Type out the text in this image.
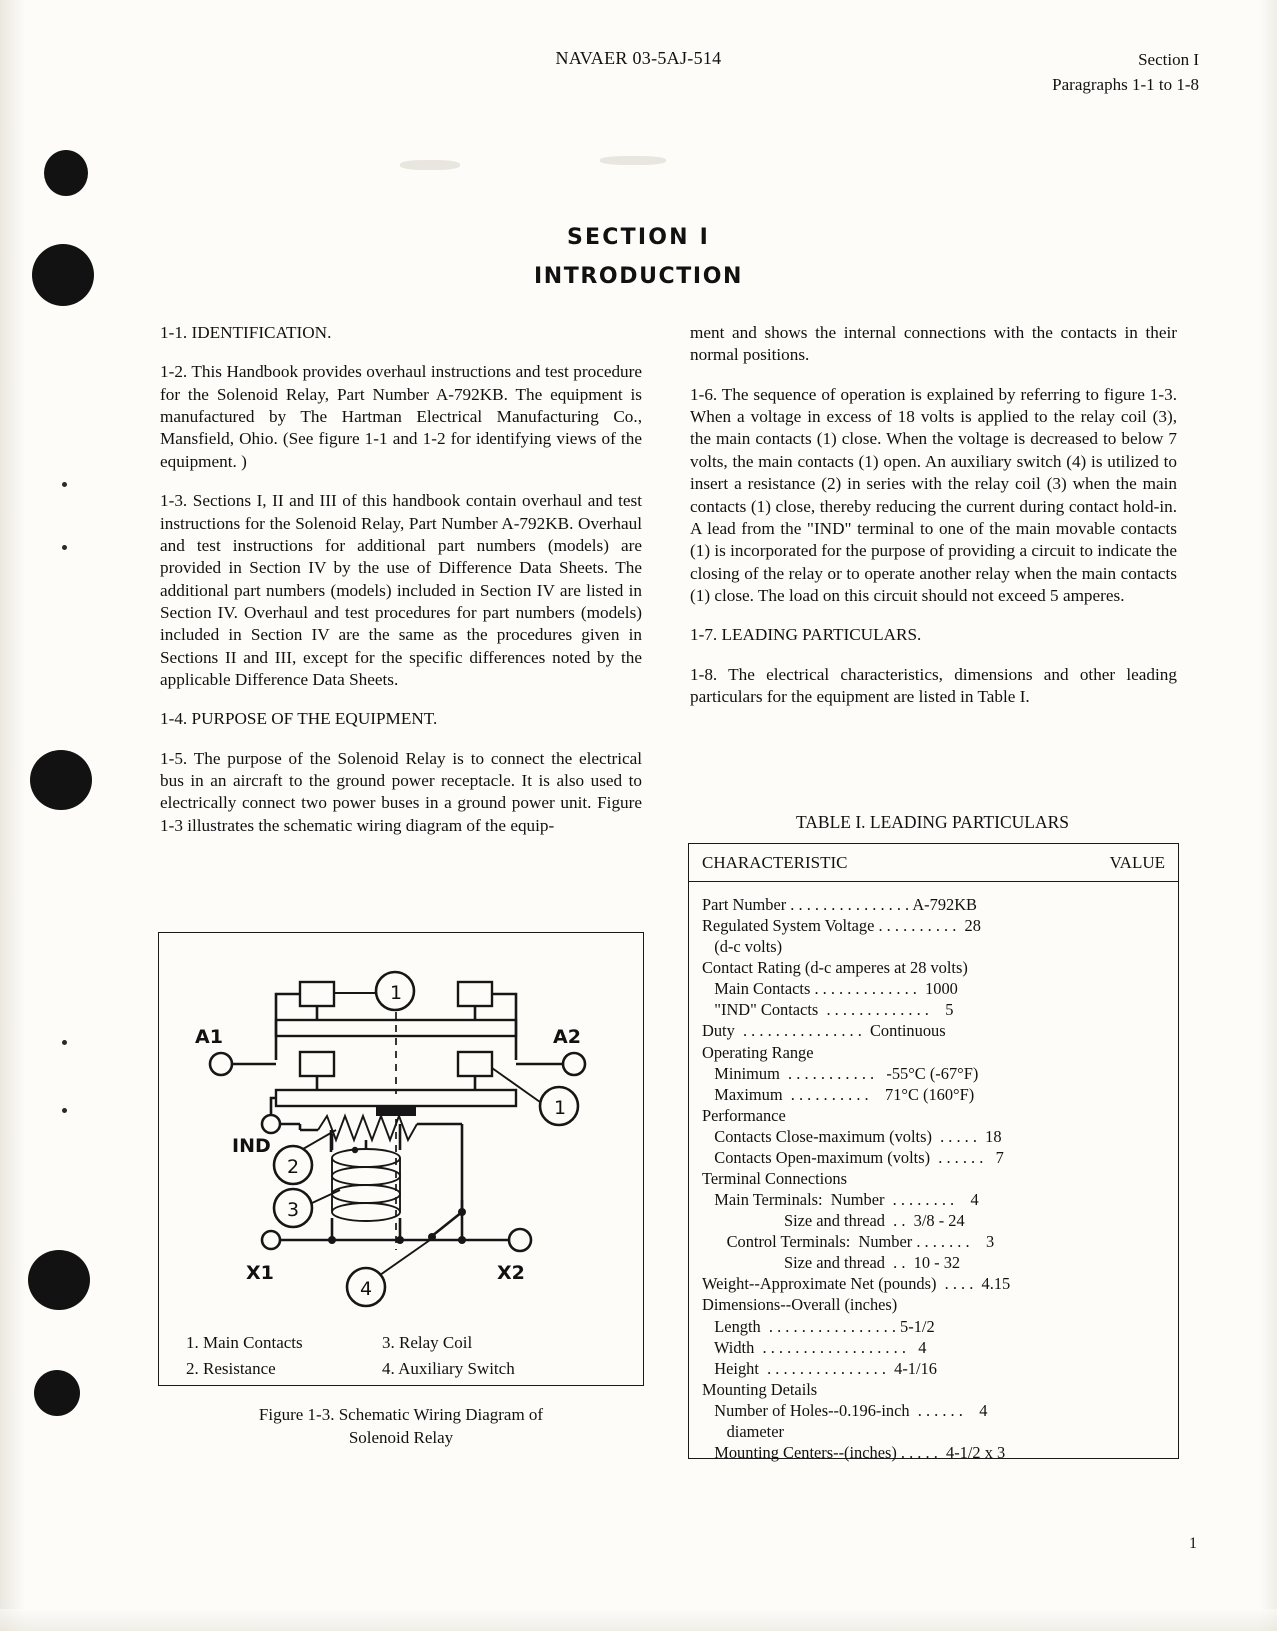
NAVAER 03-5AJ-514	Section I
Paragraphs 1-1 to 1-8
SECTION I
INTRODUCTION
1-1. IDENTIFICATION.
1-2. This Handbook provides overhaul instructions and test procedure for the Solenoid Relay, Part Number A-792KB. The equipment is manufactured by The Hartman Electrical Manufacturing Co., Mansfield, Ohio. (See figure 1-1 and 1-2 for identifying views of the equipment. )
1-3. Sections I, II and III of this handbook contain overhaul and test instructions for the Solenoid Relay, Part Number A-792KB. Overhaul and test instructions for additional part numbers (models) are provided in Section IV by the use of Difference Data Sheets. The additional part numbers (models) included in Section IV are listed in Section IV. Overhaul and test procedures for part numbers (models) included in Section IV are the same as the procedures given in Sections II and III, except for the specific differences noted by the applicable Difference Data Sheets.
1-4. PURPOSE OF THE EQUIPMENT.
1-5. The purpose of the Solenoid Relay is to connect the electrical bus in an aircraft to the ground power receptacle. It is also used to electrically connect two power buses in a ground power unit. Figure 1-3 illustrates the schematic wiring diagram of the equip-
ment and shows the internal connections with the contacts in their normal positions.
1-6. The sequence of operation is explained by referring to figure 1-3. When a voltage in excess of 18 volts is applied to the relay coil (3), the main contacts (1) close. When the voltage is decreased to below 7 volts, the main contacts (1) open. An auxiliary switch (4) is utilized to insert a resistance (2) in series with the relay coil (3) when the main contacts (1) close, thereby reducing the current during contact hold-in. A lead from the "IND" terminal to one of the main movable contacts (1) is incorporated for the purpose of providing a circuit to indicate the closing of the relay or to operate another relay when the main contacts (1) close. The load on this circuit should not exceed 5 amperes.
1-7. LEADING PARTICULARS.
1-8. The electrical characteristics, dimensions and other leading particulars for the equipment are listed in Table I.
TABLE I. LEADING PARTICULARS
CHARACTERISTIC	VALUE
Part Number . . . . . . . . . . . . . . . A-792KB
Regulated System Voltage . . . . . . . . . .  28
(d-c volts)
Contact Rating (d-c amperes at 28 volts)
Main Contacts . . . . . . . . . . . . .  1000
"IND" Contacts  . . . . . . . . . . . . .    5
Duty  . . . . . . . . . . . . . . .  Continuous
Operating Range
Minimum  . . . . . . . . . . .   -55°C (-67°F)
Maximum  . . . . . . . . . .    71°C (160°F)
Performance
Contacts Close-maximum (volts)  . . . . .  18
Contacts Open-maximum (volts)  . . . . . .   7
Terminal Connections
Main Terminals:  Number  . . . . . . . .    4
Size and thread  . .  3/8 - 24
Control Terminals:  Number . . . . . . .    3
Size and thread  . .  10 - 32
Weight--Approximate Net (pounds)  . . . .  4.15
Dimensions--Overall (inches)
Length  . . . . . . . . . . . . . . . . 5-1/2
Width  . . . . . . . . . . . . . . . . . .   4
Height  . . . . . . . . . . . . . . .  4-1/16
Mounting Details
Number of Holes--0.196-inch  . . . . . .    4
diameter
Mounting Centers--(inches) . . . . .  4-1/2 x 3
A1	A2
IND
X1	X2
1
1
2
3
4
1. Main Contacts	3. Relay Coil
2. Resistance	4. Auxiliary Switch
Figure 1-3. Schematic Wiring Diagram of
Solenoid Relay
1
